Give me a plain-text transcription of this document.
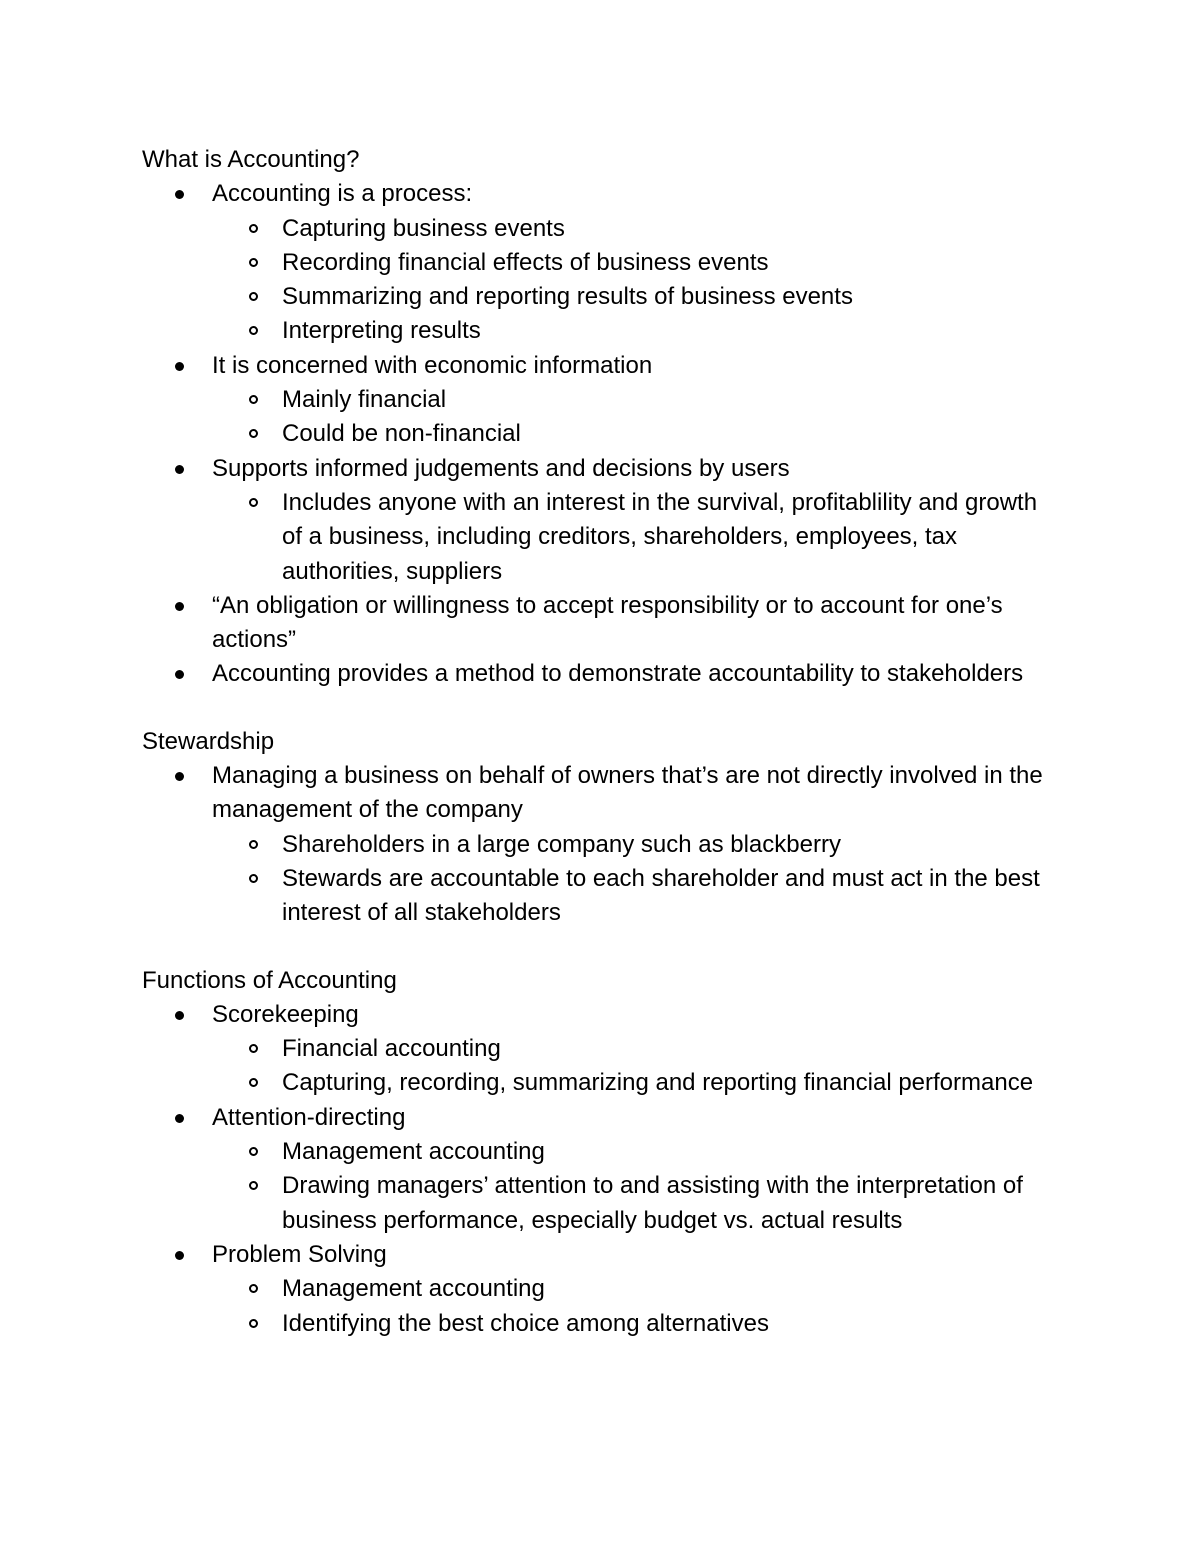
What is Accounting?
Accounting is a process:
Capturing business events
Recording financial effects of business events
Summarizing and reporting results of business events
Interpreting results
It is concerned with economic information
Mainly financial
Could be non-financial
Supports informed judgements and decisions by users
Includes anyone with an interest in the survival, profitablility and growth of a business, including creditors, shareholders, employees, tax authorities, suppliers
“An obligation or willingness to accept responsibility or to account for one’s actions”
Accounting provides a method to demonstrate accountability to stakeholders
Stewardship
Managing a business on behalf of owners that’s are not directly involved in the management of the company
Shareholders in a large company such as blackberry
Stewards are accountable to each shareholder and must act in the best interest of all stakeholders
Functions of Accounting
Scorekeeping
Financial accounting
Capturing, recording, summarizing and reporting financial performance
Attention-directing
Management accounting
Drawing managers’ attention to and assisting with the interpretation of business performance, especially budget vs. actual results
Problem Solving
Management accounting
Identifying the best choice among alternatives
